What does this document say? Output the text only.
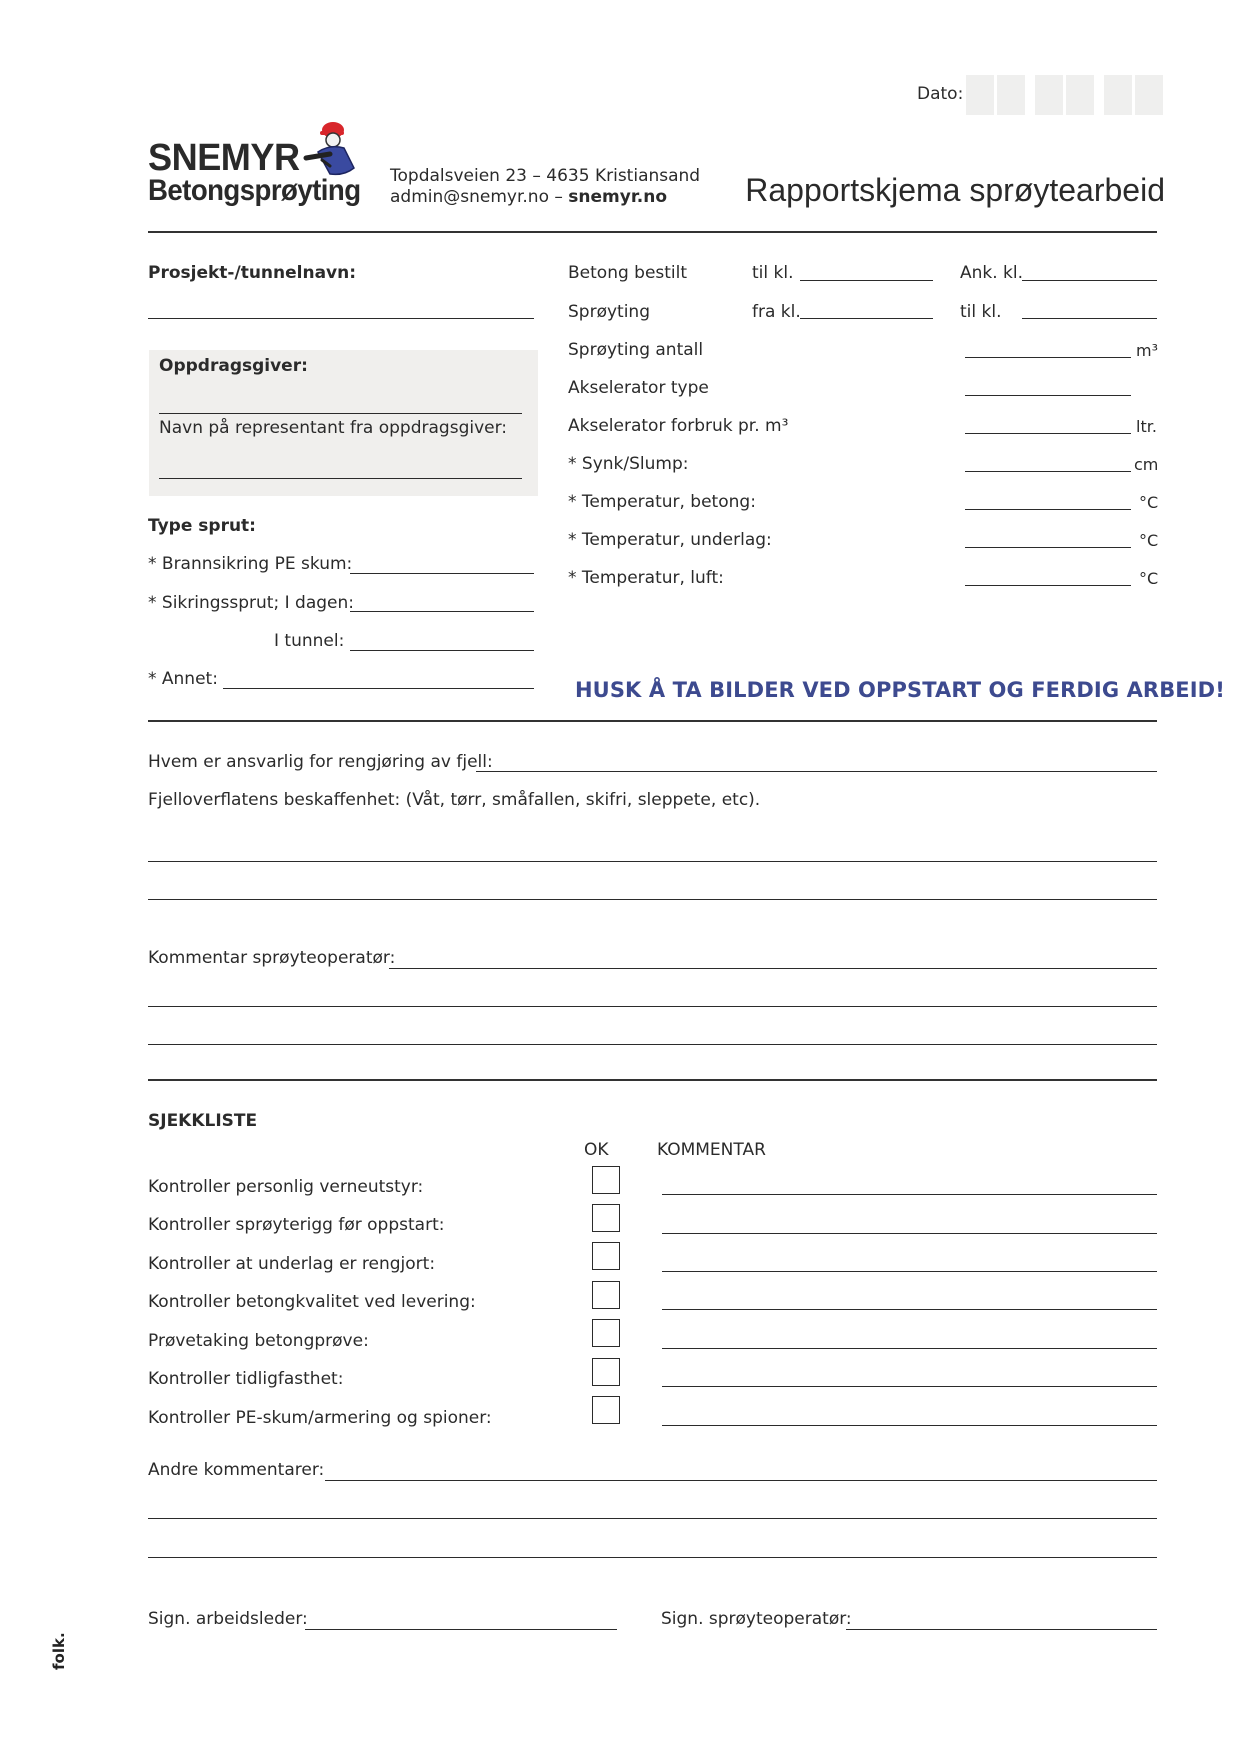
Dato:
SNEMYR
Betongsprøyting Topdalsveien 23 – 4635 Kristiansand
admin@snemyr.no – snemyr.no Rapportskjema sprøytearbeid
Prosjekt-/tunnelnavn:
Oppdragsgiver:
Navn på representant fra oppdragsgiver:
Type sprut:
* Brannsikring PE skum:
* Sikringssprut; I dagen:
I tunnel:
* Annet:
Betong bestilt	til kl.	Ank. kl.
Sprøyting	fra kl.	til kl.
Sprøyting antall	m³
Akselerator type
Akselerator forbruk pr. m³	ltr.
* Synk/Slump:	cm
* Temperatur, betong:	°C
* Temperatur, underlag:	°C
* Temperatur, luft:	°C
HUSK Å TA BILDER VED OPPSTART OG FERDIG ARBEID!
Hvem er ansvarlig for rengjøring av fjell:
Fjelloverflatens beskaffenhet: (Våt, tørr, småfallen, skifri, sleppete, etc).
Kommentar sprøyteoperatør:
SJEKKLISTE
OK	KOMMENTAR
Kontroller personlig verneutstyr:
Kontroller sprøyterigg før oppstart:
Kontroller at underlag er rengjort:
Kontroller betongkvalitet ved levering:
Prøvetaking betongprøve:
Kontroller tidligfasthet:
Kontroller PE-skum/armering og spioner:
Andre kommentarer:
Sign. arbeidsleder:	Sign. sprøyteoperatør:
folk.
